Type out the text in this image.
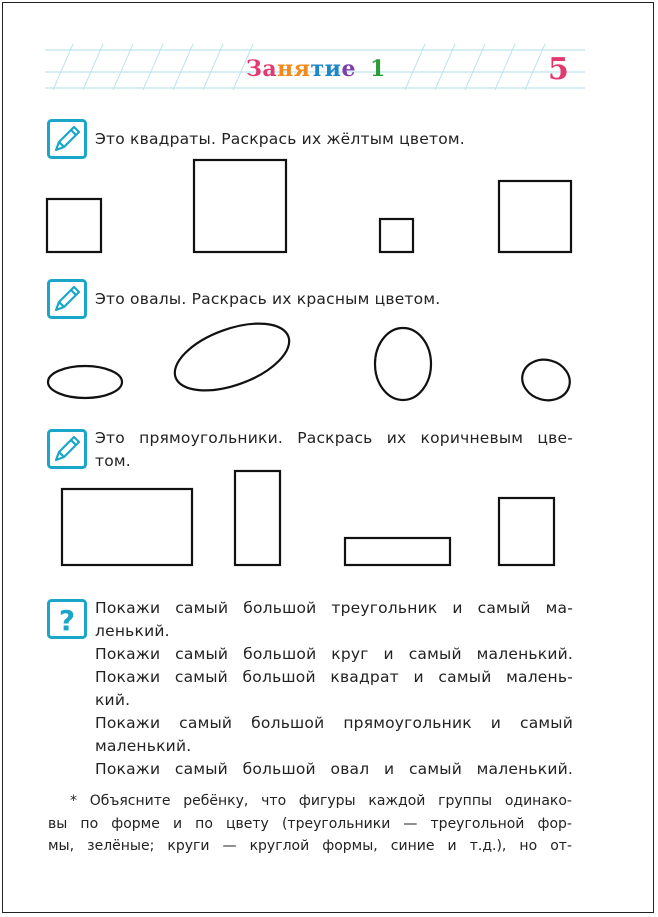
Занятие 1	5
Это квадраты. Раскрась их жёлтым цветом.
Это овалы. Раскрась их красным цветом.
Это прямоугольники. Раскрась их коричневым цве-
том.
? Покажи самый большой треугольник и самый ма-
ленький.
Покажи самый большой круг и самый маленький.
Покажи самый большой квадрат и самый малень-
кий.
Покажи самый большой прямоугольник и самый
маленький.
Покажи самый большой овал и самый маленький.
* Объясните ребёнку, что фигуры каждой группы одинако-
вы по форме и по цвету (треугольники — треугольной фор-
мы, зелёные; круги — круглой формы, синие и т.д.), но от-
